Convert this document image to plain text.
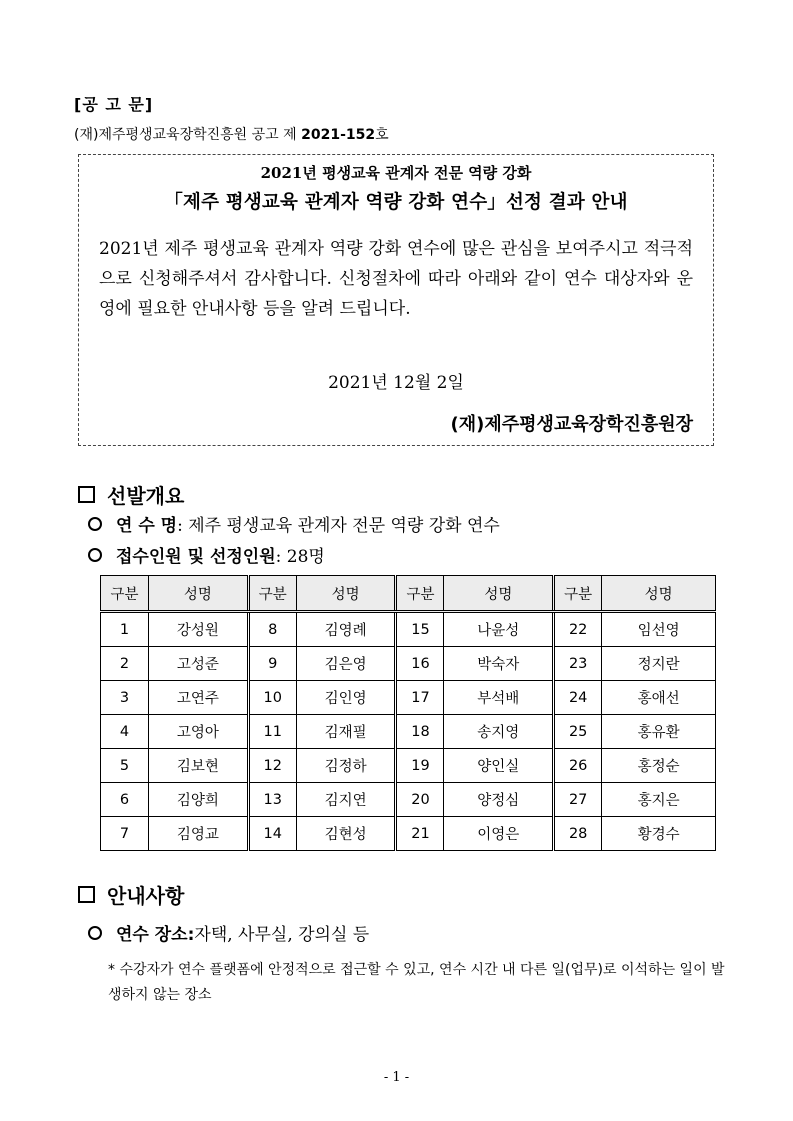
[공 고 문]
(재)제주평생교육장학진흥원 공고 제 2021-152호
2021년 평생교육 관계자 전문 역량 강화
「제주 평생교육 관계자 역량 강화 연수」선정 결과 안내
2021년 제주 평생교육 관계자 역량 강화 연수에 많은 관심을 보여주시고 적극적으로 신청해주셔서 감사합니다. 신청절차에 따라 아래와 같이 연수 대상자와 운영에 필요한 안내사항 등을 알려 드립니다.
2021년 12월 2일
(재)제주평생교육장학진흥원장
선발개요
연 수 명 : 제주 평생교육 관계자 전문 역량 강화 연수
접수인원 및 선정인원 : 28명
구분	성명	구분	성명	구분	성명	구분	성명
1	강성원	8	김영례	15	나윤성	22	임선영
2	고성준	9	김은영	16	박숙자	23	정지란
3	고연주	10	김인영	17	부석배	24	홍애선
4	고영아	11	김재필	18	송지영	25	홍유환
5	김보현	12	김정하	19	양인실	26	홍정순
6	김양희	13	김지연	20	양정심	27	홍지은
7	김영교	14	김현성	21	이영은	28	황경수
안내사항
연수 장소: 자택, 사무실, 강의실 등
* 수강자가 연수 플랫폼에 안정적으로 접근할 수 있고, 연수 시간 내 다른 일(업무)로 이석하는 일이 발생하지 않는 장소
- 1 -
